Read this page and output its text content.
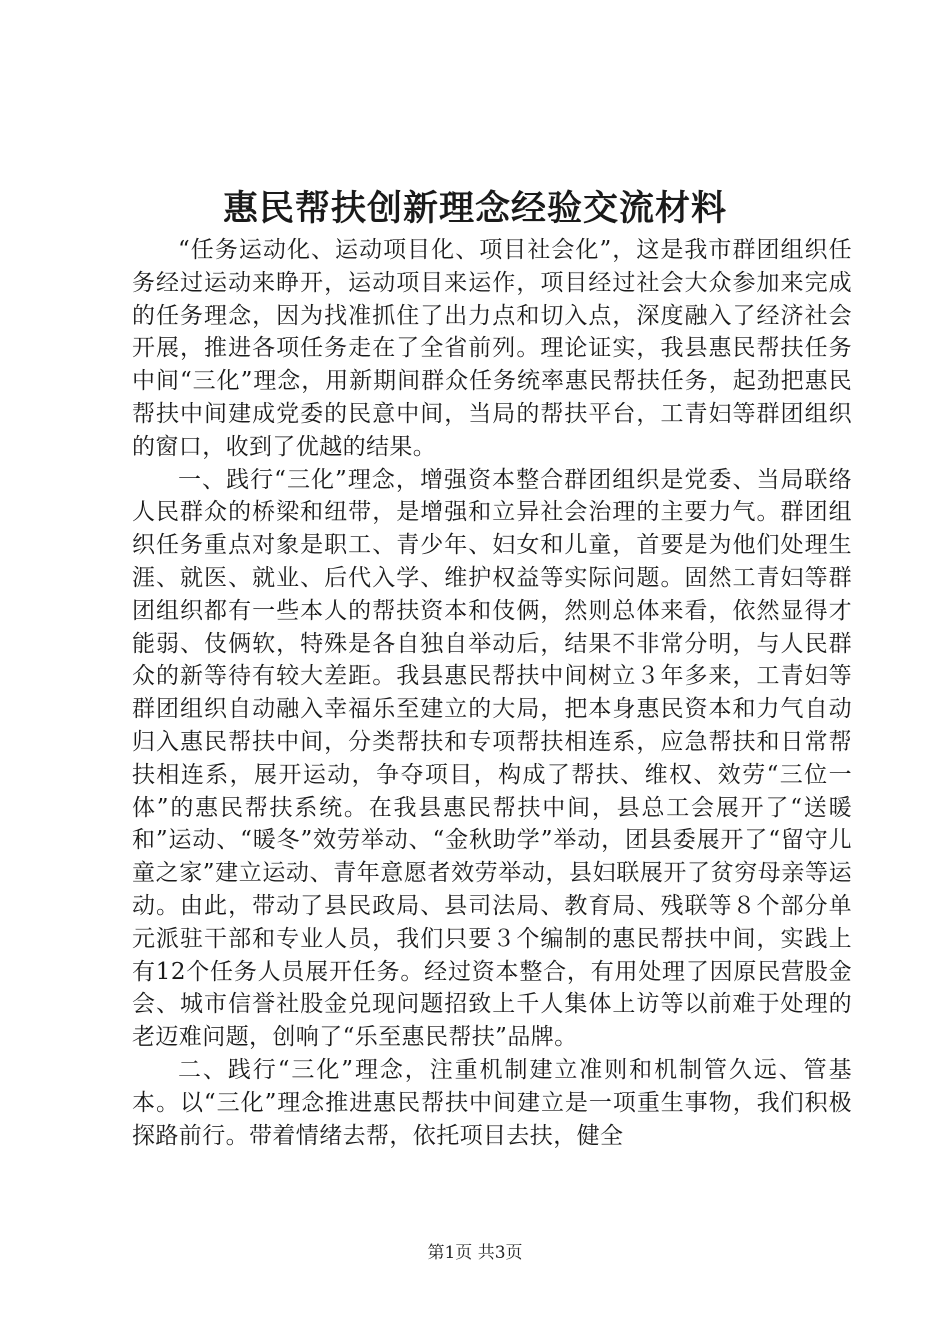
惠民帮扶创新理念经验交流材料

“任务运动化、运动项目化、项目社会化”，这是我市群团组织任务经过运动来睁开，运动项目来运作，项目经过社会大众参加来完成的任务理念，因为找准抓住了出力点和切入点，深度融入了经济社会开展，推进各项任务走在了全省前列。理论证实，我县惠民帮扶任务中间“三化”理念，用新期间群众任务统率惠民帮扶任务，起劲把惠民帮扶中间建成党委的民意中间，当局的帮扶平台，工青妇等群团组织的窗口，收到了优越的结果。

一、践行“三化”理念，增强资本整合群团组织是党委、当局联络人民群众的桥梁和纽带，是增强和立异社会治理的主要力气。群团组织任务重点对象是职工、青少年、妇女和儿童，首要是为他们处理生涯、就医、就业、后代入学、维护权益等实际问题。固然工青妇等群团组织都有一些本人的帮扶资本和伎俩，然则总体来看，依然显得才能弱、伎俩软，特殊是各自独自举动后，结果不非常分明，与人民群众的新等待有较大差距。我县惠民帮扶中间树立３年多来，工青妇等群团组织自动融入幸福乐至建立的大局，把本身惠民资本和力气自动归入惠民帮扶中间，分类帮扶和专项帮扶相连系，应急帮扶和日常帮扶相连系，展开运动，争夺项目，构成了帮扶、维权、效劳“三位一体”的惠民帮扶系统。在我县惠民帮扶中间，县总工会展开了“送暖和”运动、“暖冬”效劳举动、“金秋助学”举动，团县委展开了“留守儿童之家”建立运动、青年意愿者效劳举动，县妇联展开了贫穷母亲等运动。由此，带动了县民政局、县司法局、教育局、残联等８个部分单元派驻干部和专业人员，我们只要３个编制的惠民帮扶中间，实践上有12个任务人员展开任务。经过资本整合，有用处理了因原民营股金会、城市信誉社股金兑现问题招致上千人集体上访等以前难于处理的老迈难问题，创响了“乐至惠民帮扶”品牌。

二、践行“三化”理念，注重机制建立准则和机制管久远、管基本。以“三化”理念推进惠民帮扶中间建立是一项重生事物，我们积极探路前行。带着情绪去帮，依托项目去扶，健全

第1页 共3页
